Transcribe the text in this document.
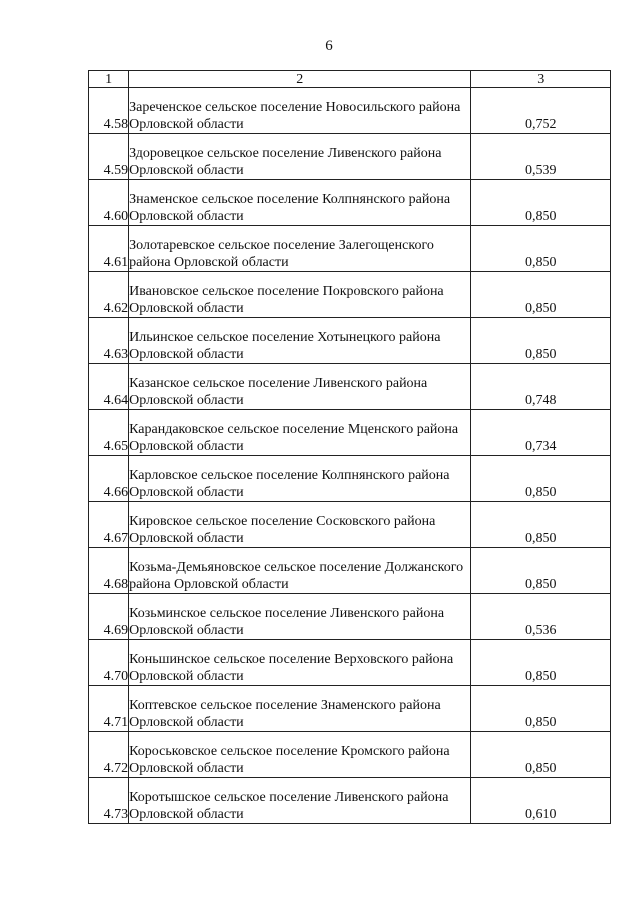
6
1	2	3
4.58	Зареченское сельское поселение Новосильского района Орловской области	0,752
4.59	Здоровецкое сельское поселение Ливенского района Орловской области	0,539
4.60	Знаменское сельское поселение Колпнянского района Орловской области	0,850
4.61	Золотаревское сельское поселение Залегощенского района Орловской области	0,850
4.62	Ивановское сельское поселение Покровского района Орловской области	0,850
4.63	Ильинское сельское поселение Хотынецкого района Орловской области	0,850
4.64	Казанское сельское поселение Ливенского района Орловской области	0,748
4.65	Карандаковское сельское поселение Мценского района Орловской области	0,734
4.66	Карловское сельское поселение Колпнянского района Орловской области	0,850
4.67	Кировское сельское поселение Сосковского района Орловской области	0,850
4.68	Козьма-Демьяновское сельское поселение Должанского района Орловской области	0,850
4.69	Козьминское сельское поселение Ливенского района Орловской области	0,536
4.70	Коньшинское сельское поселение Верховского района Орловской области	0,850
4.71	Коптевское сельское поселение Знаменского района Орловской области	0,850
4.72	Короськовское сельское поселение Кромского района Орловской области	0,850
4.73	Коротышское сельское поселение Ливенского района Орловской области	0,610
